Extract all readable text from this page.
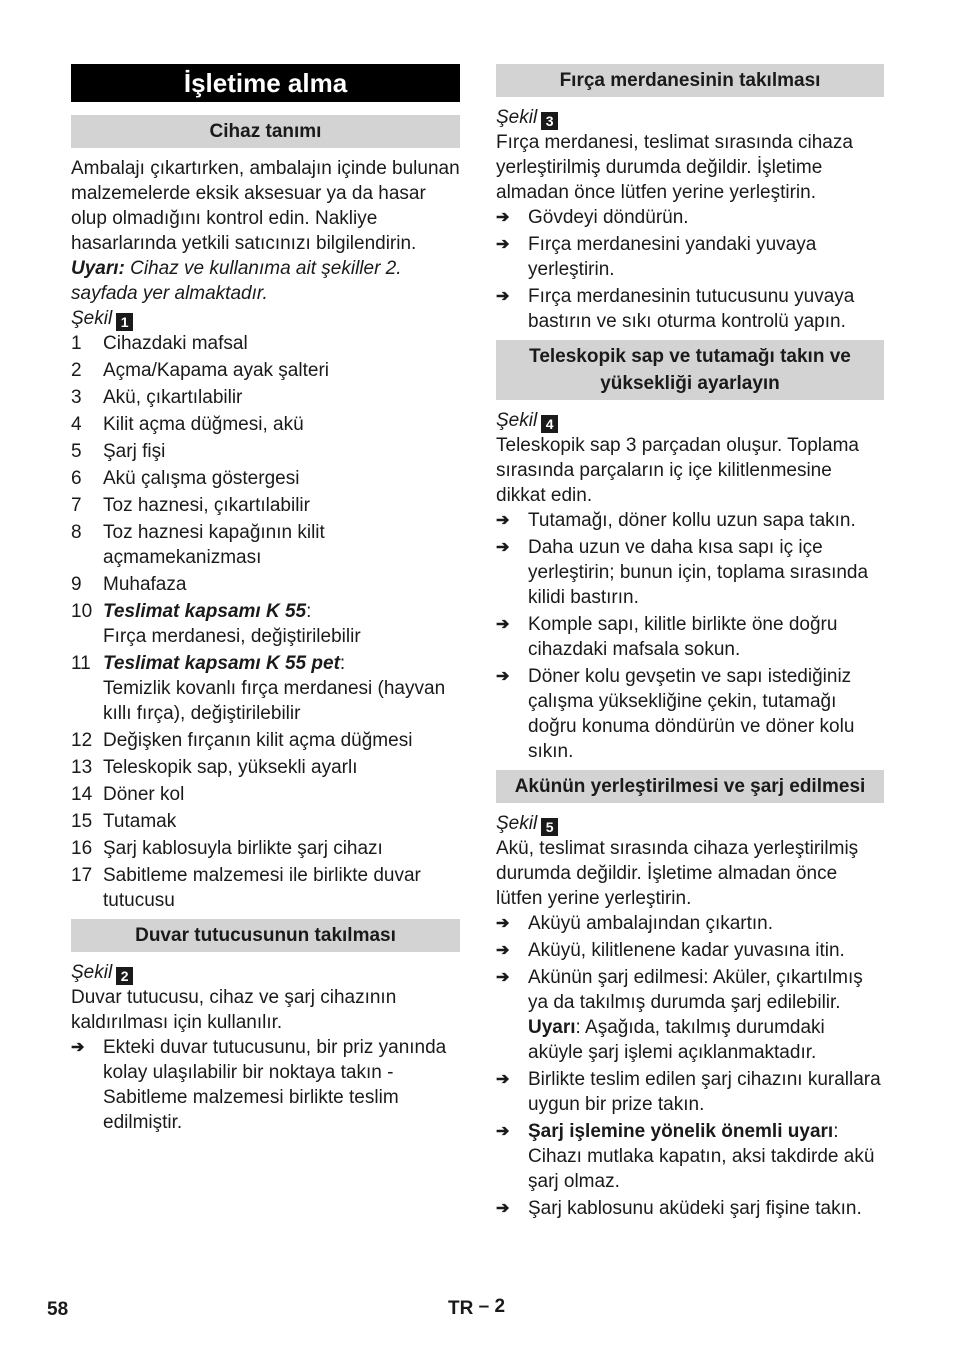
İşletime alma
Cihaz tanımı

Ambalajı çıkartırken, ambalajın içinde bulunan malzemelerde eksik aksesuar ya da hasar olup olmadığını kontrol edin. Nakliye hasarlarında yetkili satıcınızı bilgilendirin.

Uyarı: Cihaz ve kullanıma ait şekiller 2. sayfada yer almaktadır.

Şekil 1

1	Cihazdaki mafsal
2	Açma/Kapama ayak şalteri
3	Akü, çıkartılabilir
4	Kilit açma düğmesi, akü
5	Şarj fişi
6	Akü çalışma göstergesi
7	Toz haznesi, çıkartılabilir
8	Toz haznesi kapağının kilit açmamekanizması
9	Muhafaza
10 Teslimat kapsamı K 55:
Fırça merdanesi, değiştirilebilir
11 Teslimat kapsamı K 55 pet:
Temizlik kovanlı fırça merdanesi (hayvan kıllı fırça), değiştirilebilir
12 Değişken fırçanın kilit açma düğmesi
13 Teleskopik sap, yüksekli ayarlı
14 Döner kol
15 Tutamak
16 Şarj kablosuyla birlikte şarj cihazı
17 Sabitleme malzemesi ile birlikte duvar tutucusu
Duvar tutucusunun takılması

Şekil 2

Duvar tutucusu, cihaz ve şarj cihazının kaldırılması için kullanılır.

➔ Ekteki duvar tutucusunu, bir priz yanında kolay ulaşılabilir bir noktaya takın - Sabitleme malzemesi birlikte teslim edilmiştir.
Fırça merdanesinin takılması

Şekil 3

Fırça merdanesi, teslimat sırasında cihaza yerleştirilmiş durumda değildir. İşletime almadan önce lütfen yerine yerleştirin.

➔ Gövdeyi döndürün.
➔ Fırça merdanesini yandaki yuvaya yerleştirin.
➔ Fırça merdanesinin tutucusunu yuvaya bastırın ve sıkı oturma kontrolü yapın.
Teleskopik sap ve tutamağı takın ve yüksekliği ayarlayın

Şekil 4

Teleskopik sap 3 parçadan oluşur. Toplama sırasında parçaların iç içe kilitlenmesine dikkat edin.

➔ Tutamağı, döner kollu uzun sapa takın.
➔ Daha uzun ve daha kısa sapı iç içe yerleştirin; bunun için, toplama sırasında kilidi bastırın.
➔ Komple sapı, kilitle birlikte öne doğru cihazdaki mafsala sokun.
➔ Döner kolu gevşetin ve sapı istediğiniz çalışma yüksekliğine çekin, tutamağı doğru konuma döndürün ve döner kolu sıkın.
Akünün yerleştirilmesi ve şarj edilmesi

Şekil 5

Akü, teslimat sırasında cihaza yerleştirilmiş durumda değildir. İşletime almadan önce lütfen yerine yerleştirin.

➔ Aküyü ambalajından çıkartın.
➔ Aküyü, kilitlenene kadar yuvasına itin.
➔ Akünün şarj edilmesi: Aküler, çıkartılmış ya da takılmış durumda şarj edilebilir. Uyarı: Aşağıda, takılmış durumdaki aküyle şarj işlemi açıklanmaktadır.
➔ Birlikte teslim edilen şarj cihazını kurallara uygun bir prize takın.
➔ Şarj işlemine yönelik önemli uyarı: Cihazı mutlaka kapatın, aksi takdirde akü şarj olmaz.
➔ Şarj kablosunu aküdeki şarj fişine takın.
58	TR – 2
